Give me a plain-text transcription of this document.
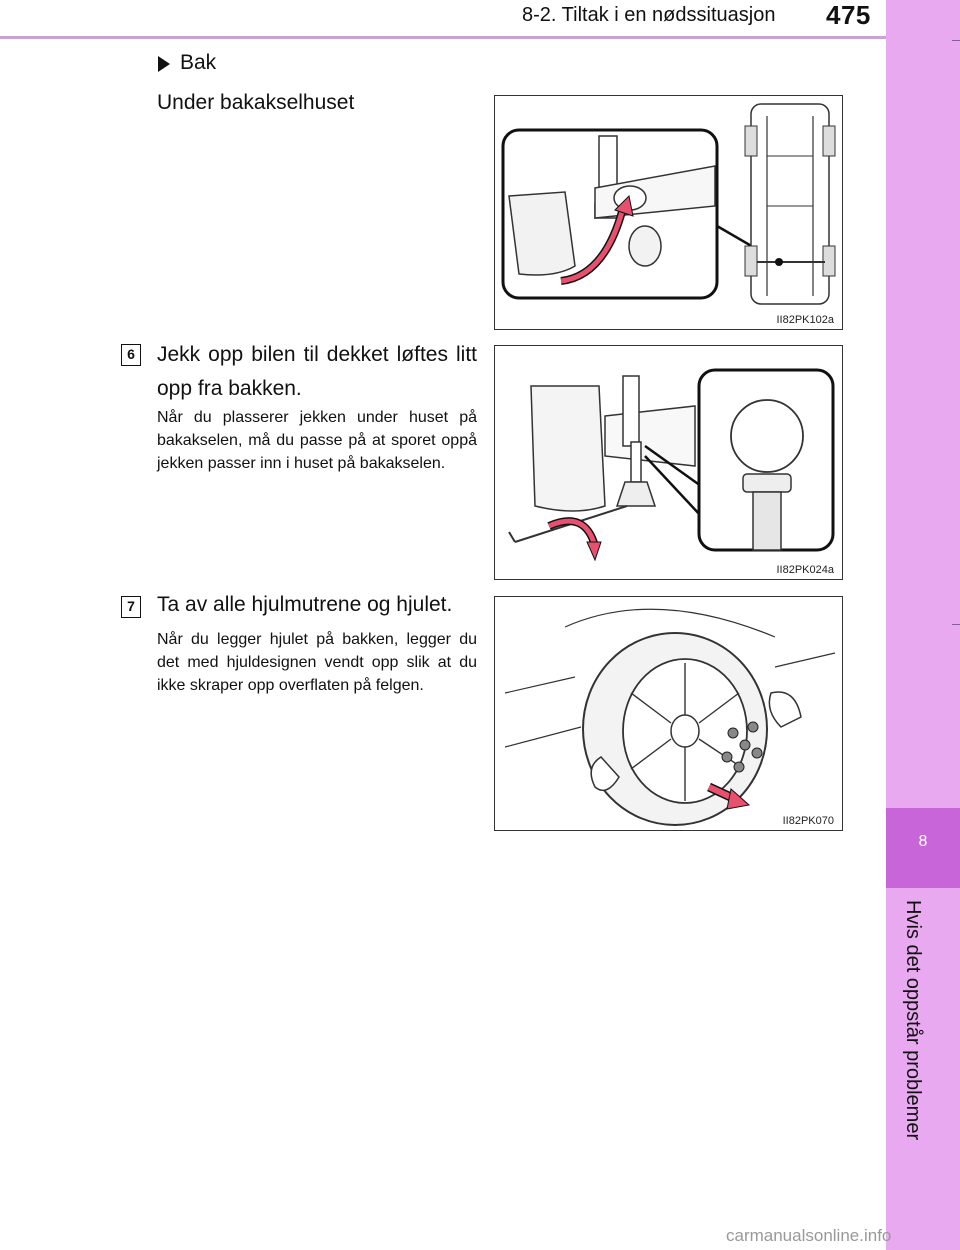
8-2. Tiltak i en nødssituasjon 475
8
Hvis det oppstår problemer
Bak
Under bakakselhuset
6 Jekk opp bilen til dekket løftes litt opp fra bakken.
Når du plasserer jekken under huset på bakakselen, må du passe på at sporet oppå jekken passer inn i huset på bakakselen.
7 Ta av alle hjulmutrene og hjulet.
Når du legger hjulet på bakken, legger du det med hjuldesignen vendt opp slik at du ikke skraper opp overflaten på felgen.
II82PK102a
II82PK024a
II82PK070
carmanualsonline.info
